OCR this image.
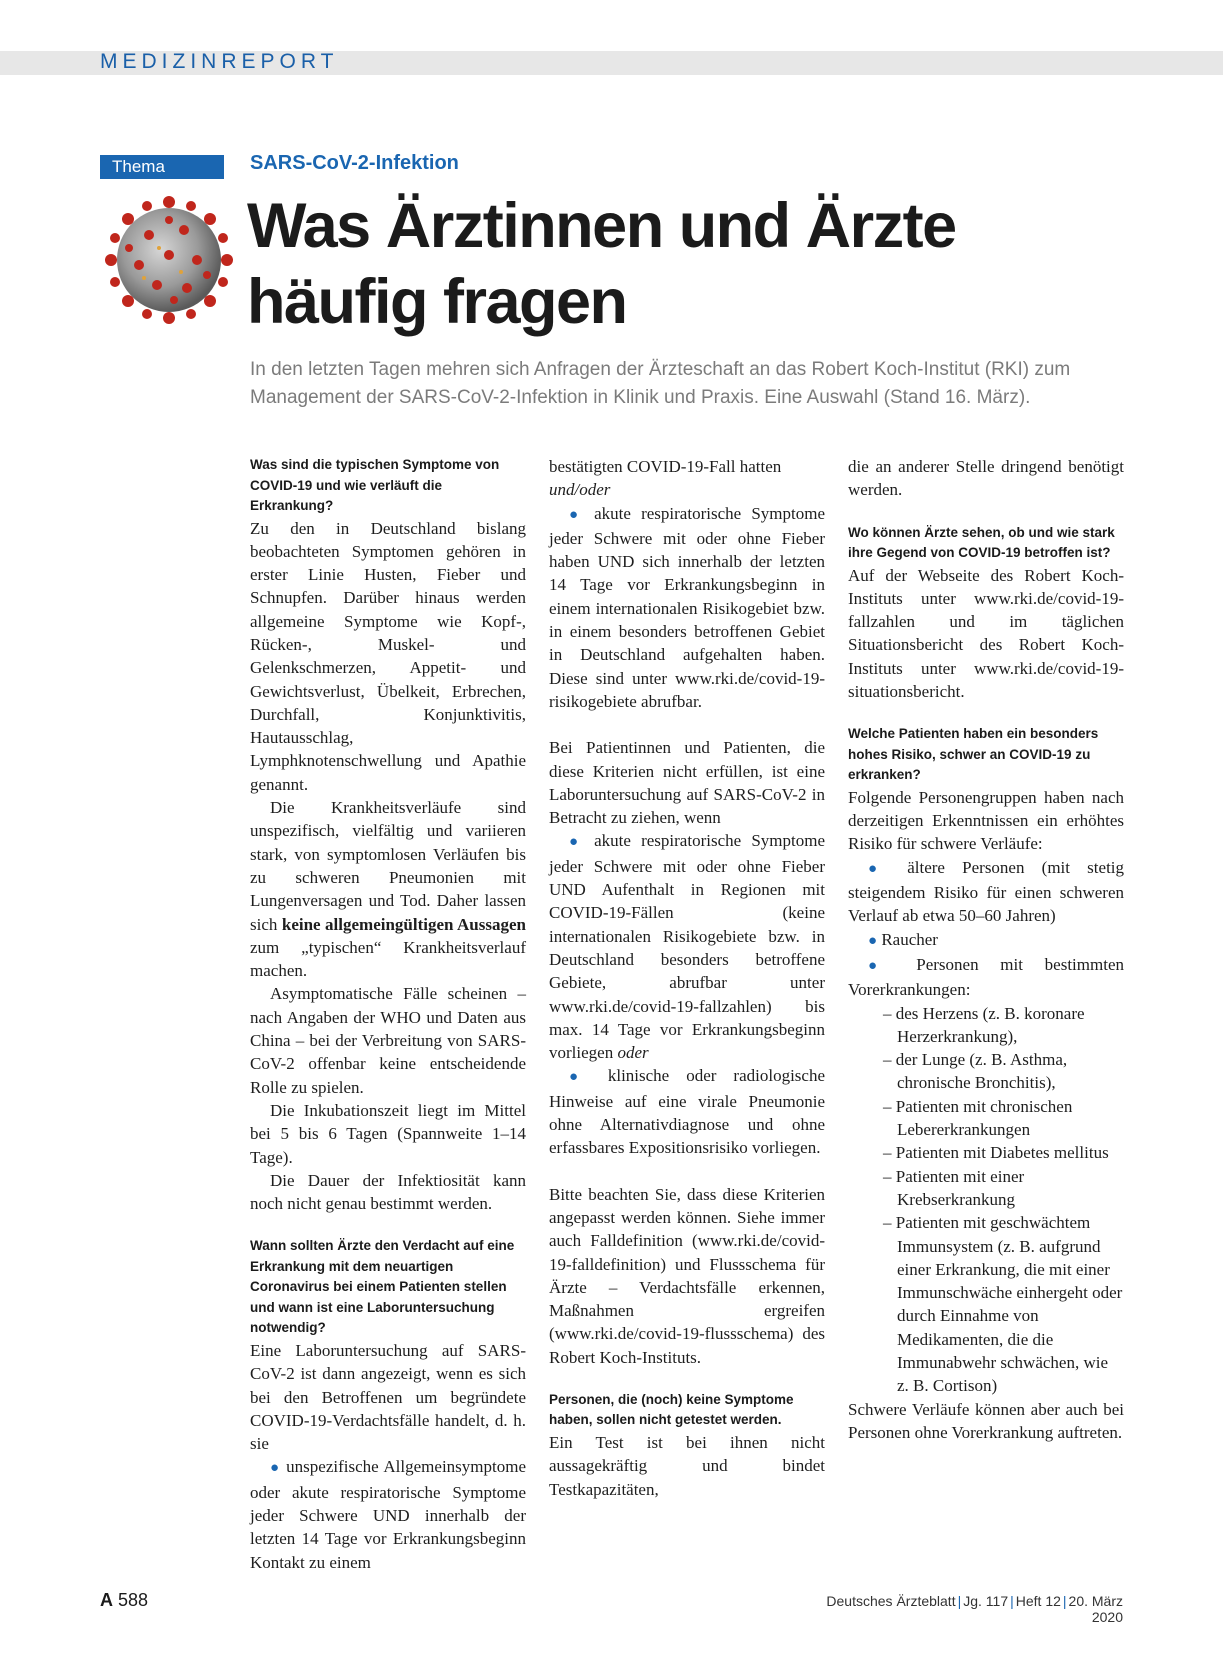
MEDIZINREPORT
Thema	SARS-CoV-2-Infektion
Was Ärztinnen und Ärzte
häufig fragen

In den letzten Tagen mehren sich Anfragen der Ärzteschaft an das Robert Koch-Institut (RKI) zum Management der SARS-CoV-2-Infektion in Klinik und Praxis. Eine Auswahl (Stand 16. März).

Was sind die typischen Symptome von COVID-19 und wie verläuft die Erkrankung?

Zu den in Deutschland bislang beobachteten Symptomen gehören in erster Linie Husten, Fieber und Schnupfen. Darüber hinaus werden allgemeine Symptome wie Kopf-, Rücken-, Muskel- und Gelenkschmerzen, Appetit- und Gewichtsverlust, Übelkeit, Erbrechen, Durchfall, Konjunktivitis, Hautausschlag, Lymphknotenschwellung und Apathie genannt.

Die Krankheitsverläufe sind unspezifisch, vielfältig und variieren stark, von symptomlosen Verläufen bis zu schweren Pneumonien mit Lungenversagen und Tod. Daher lassen sich keine allgemeingültigen Aussagen zum „typischen“ Krankheitsverlauf machen.

Asymptomatische Fälle scheinen – nach Angaben der WHO und Daten aus China – bei der Verbreitung von SARS-CoV-2 offenbar keine entscheidende Rolle zu spielen.

Die Inkubationszeit liegt im Mittel bei 5 bis 6 Tagen (Spannweite 1–14 Tage).

Die Dauer der Infektiosität kann noch nicht genau bestimmt werden.

Wann sollten Ärzte den Verdacht auf eine Erkrankung mit dem neuartigen Coronavirus bei einem Patienten stellen und wann ist eine Laboruntersuchung notwendig?

Eine Laboruntersuchung auf SARS-CoV-2 ist dann angezeigt, wenn es sich bei den Betroffenen um begründete COVID-19-Verdachtsfälle handelt, d. h. sie

● unspezifische Allgemeinsymptome oder akute respiratorische Symptome jeder Schwere UND innerhalb der letzten 14 Tage vor Erkrankungsbeginn Kontakt zu einem

bestätigten COVID-19-Fall hatten
und/oder

● akute respiratorische Symptome jeder Schwere mit oder ohne Fieber haben UND sich innerhalb der letzten 14 Tage vor Erkrankungsbeginn in einem internationalen Risikogebiet bzw. in einem besonders betroffenen Gebiet in Deutschland aufgehalten haben. Diese sind unter www.rki.de/covid-19-risikogebiete abrufbar.

Bei Patientinnen und Patienten, die diese Kriterien nicht erfüllen, ist eine Laboruntersuchung auf SARS-CoV-2 in Betracht zu ziehen, wenn

● akute respiratorische Symptome jeder Schwere mit oder ohne Fieber UND Aufenthalt in Regionen mit COVID-19-Fällen (keine internationalen Risikogebiete bzw. in Deutschland besonders betroffene Gebiete, abrufbar unter www.rki.de/covid-19-fallzahlen) bis max. 14 Tage vor Erkrankungsbeginn vorliegen oder

● klinische oder radiologische Hinweise auf eine virale Pneumonie ohne Alternativdiagnose und ohne erfassbares Expositionsrisiko vorliegen.

Bitte beachten Sie, dass diese Kriterien angepasst werden können. Siehe immer auch Falldefinition (www.rki.de/covid-19-falldefinition) und Flussschema für Ärzte – Verdachtsfälle erkennen, Maßnahmen ergreifen (www.rki.de/covid-19-flussschema) des Robert Koch-Instituts.

Personen, die (noch) keine Symptome haben, sollen nicht getestet werden.

Ein Test ist bei ihnen nicht aussagekräftig und bindet Testkapazitäten,

die an anderer Stelle dringend benötigt werden.

Wo können Ärzte sehen, ob und wie stark ihre Gegend von COVID-19 betroffen ist?

Auf der Webseite des Robert Koch-Instituts unter www.rki.de/covid-19-fallzahlen und im täglichen Situationsbericht des Robert Koch-Instituts unter www.rki.de/covid-19-situationsbericht.

Welche Patienten haben ein besonders hohes Risiko, schwer an COVID-19 zu erkranken?

Folgende Personengruppen haben nach derzeitigen Erkenntnissen ein erhöhtes Risiko für schwere Verläufe:

● ältere Personen (mit stetig steigendem Risiko für einen schweren Verlauf ab etwa 50–60 Jahren)

● Raucher

● Personen mit bestimmten Vorerkrankungen:

– des Herzens (z. B. koronare Herzerkrankung),

– der Lunge (z. B. Asthma, chronische Bronchitis),

– Patienten mit chronischen Lebererkrankungen

– Patienten mit Diabetes mellitus

– Patienten mit einer Krebserkrankung

– Patienten mit geschwächtem Immunsystem (z. B. aufgrund einer Erkrankung, die mit einer Immunschwäche einhergeht oder durch Einnahme von Medikamenten, die die Immunabwehr schwächen, wie z. B. Cortison)

Schwere Verläufe können aber auch bei Personen ohne Vorerkrankung auftreten.

A 588	Deutsches Ärzteblatt | Jg. 117 | Heft 12 | 20. März 2020
